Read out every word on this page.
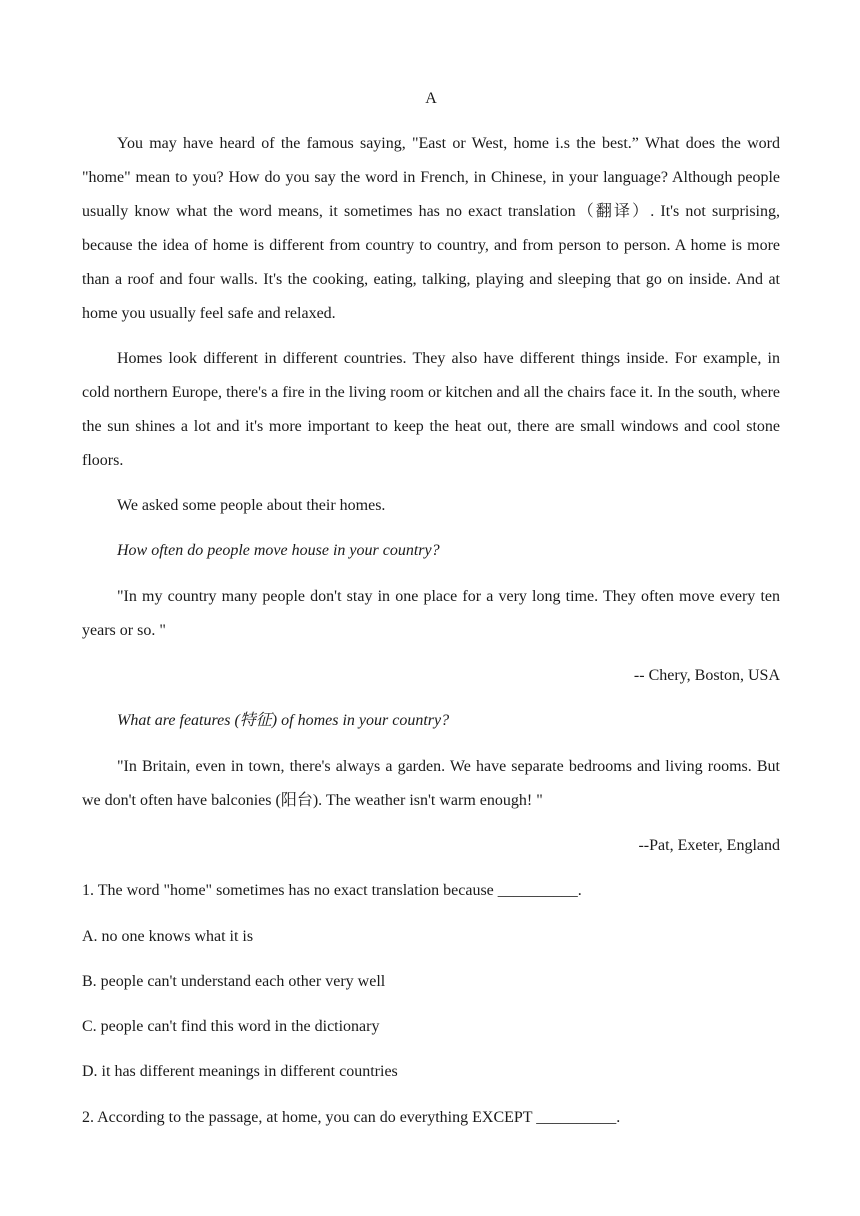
A

You may have heard of the famous saying, "East or West, home i.s the best.” What does the word "home" mean to you? How do you say the word in French, in Chinese, in your language? Although people usually know what the word means, it sometimes has no exact translation（翻译）. It's not surprising, because the idea of home is different from country to country, and from person to person. A home is more than a roof and four walls. It's the cooking, eating, talking, playing and sleeping that go on inside. And at home you usually feel safe and relaxed.

Homes look different in different countries. They also have different things inside. For example, in cold northern Europe, there's a fire in the living room or kitchen and all the chairs face it. In the south, where the sun shines a lot and it's more important to keep the heat out, there are small windows and cool stone floors.

We asked some people about their homes.

How often do people move house in your country?

"In my country many people don't stay in one place for a very long time. They often move every ten years or so. "

-- Chery, Boston, USA

What are features (特征) of homes in your country?

"In Britain, even in town, there's always a garden. We have separate bedrooms and living rooms. But we don't often have balconies (阳台). The weather isn't warm enough! "

--Pat, Exeter, England

1. The word "home" sometimes has no exact translation because __________.

A. no one knows what it is

B. people can't understand each other very well

C. people can't find this word in the dictionary

D. it has different meanings in different countries

2. According to the passage, at home, you can do everything EXCEPT __________.
